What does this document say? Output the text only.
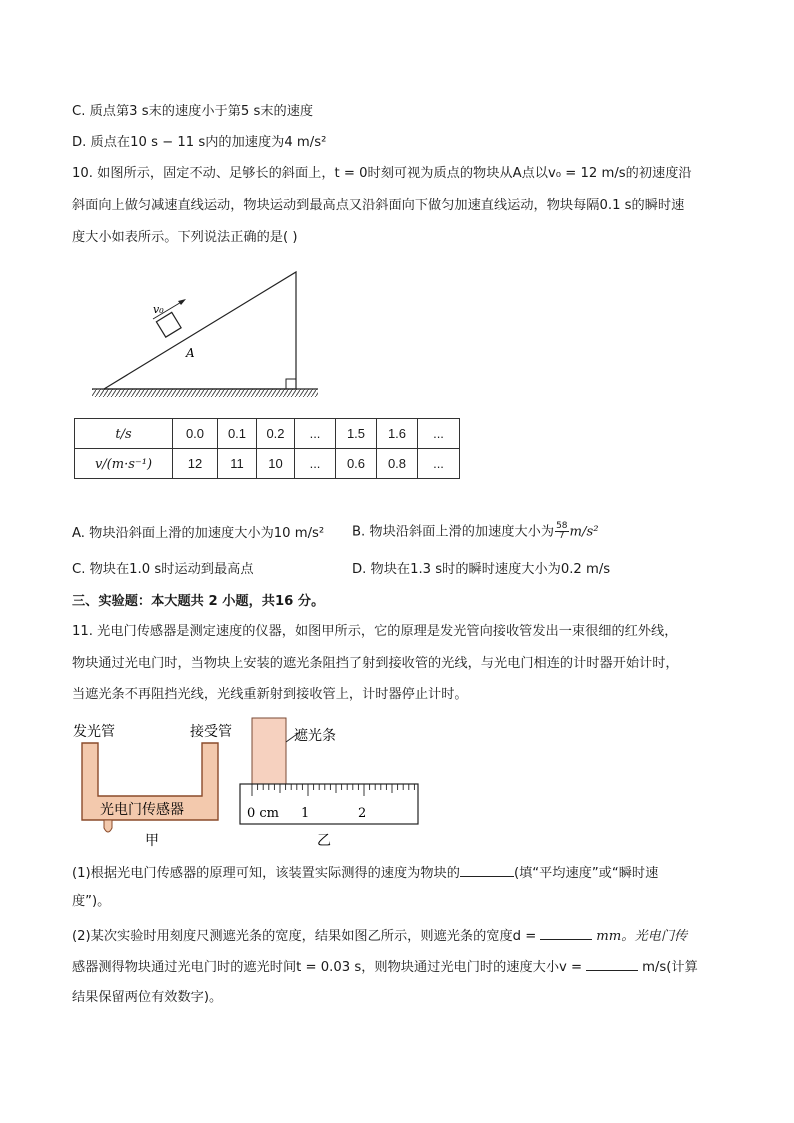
C. 质点第3 s末的速度小于第5 s末的速度
D. 质点在10 s − 11 s内的加速度为4 m/s²
10. 如图所示，固定不动、足够长的斜面上，t = 0时刻可视为质点的物块从A点以v₀ = 12 m/s的初速度沿
斜面向上做匀减速直线运动，物块运动到最高点又沿斜面向下做匀加速直线运动，物块每隔0.1 s的瞬时速
度大小如表所示。下列说法正确的是( )
v₀
A
t/s	0.0	0.1	0.2	...	1.5	1.6	...
v/(m·s⁻¹)	12	11	10	...	0.6	0.8	...
A. 物块沿斜面上滑的加速度大小为10 m/s² B. 物块沿斜面上滑的加速度大小为 $\frac{58}{7} m/s^2$
C. 物块在1.0 s时运动到最高点	D. 物块在1.3 s时的瞬时速度大小为0.2 m/s
三、实验题：本大题共 2 小题，共16 分。
11. 光电门传感器是测定速度的仪器，如图甲所示，它的原理是发光管向接收管发出一束很细的红外线，
物块通过光电门时，当物块上安装的遮光条阻挡了射到接收管的光线，与光电门相连的计时器开始计时，
当遮光条不再阻挡光线，光线重新射到接收管上，计时器停止计时。
发光管	接受管
光电门传感器
甲
遮光条
0 cm 1	2
乙
(1)根据光电门传感器的原理可知，该装置实际测得的速度为物块的	(填“平均速度”或“瞬时速
度”)。
(2)某次实验时用刻度尺测遮光条的宽度，结果如图乙所示，则遮光条的宽度d =	mm。光电门传
感器测得物块通过光电门时的遮光时间t = 0.03 s，则物块通过光电门时的速度大小v =	m/s(计算
结果保留两位有效数字)。
